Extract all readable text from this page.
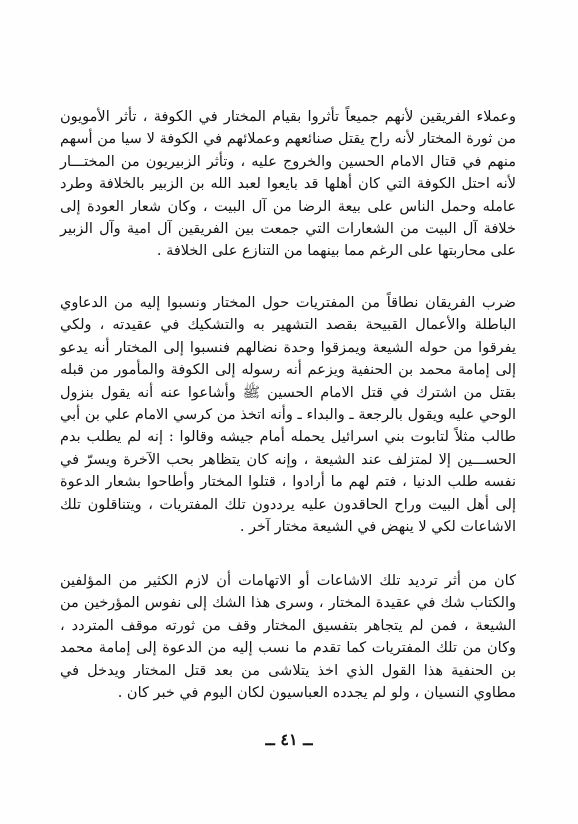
وعملاء الفريقين لأنهم جميعاً تأثروا بقيام المختار في الكوفة ، تأثر الأمويون من ثورة المختار لأنه راح يقتل صنائعهم وعملائهم في الكوفة لا سيا من أسهم منهم في قتال الامام الحسين والخروج عليه ، وتأثر الزبيريون من المختـــار لأنه احتل الكوفة التي كان أهلها قد بايعوا لعبد الله بن الزبير بالخلافة وطرد عامله وحمل الناس على بيعة الرضا من آل البيت ، وكان شعار العودة إلى خلافة آل البيت من الشعارات التي جمعت بين الفريقين آل امية وآل الزبير على محاربتها على الرغم مما بينهما من التنازع على الخلافة .

ضرب الفريقان نطاقاً من المفتريات حول المختار ونسبوا إليه من الدعاوي الباطلة والأعمال القبيحة بقصد التشهير به والتشكيك في عقيدته ، ولكي يفرقوا من حوله الشيعة ويمزقوا وحدة نضالهم فنسبوا إلى المختار أنه يدعو إلى إمامة محمد بن الحنفية ويزعم أنه رسوله إلى الكوفة والمأمور من قبله بقتل من اشترك في قتل الامام الحسين ﷺ وأشاعوا عنه أنه يقول بنزول الوحي عليه ويقول بالرجعة ـ والبداء ـ وأنه اتخذ من كرسي الامام علي بن أبي طالب مثلاً لتابوت بني اسرائيل يحمله أمام جيشه وقالوا : إنه لم يطلب بدم الحســـين إلا لمتزلف عند الشيعة ، وإنه كان يتظاهر بحب الآخرة ويسرّ في نفسه طلب الدنيا ، فتم لهم ما أرادوا ، قتلوا المختار وأطاحوا بشعار الدعوة إلى أهل البيت وراح الحاقدون عليه يرددون تلك المفتريات ، ويتناقلون تلك الاشاعات لكي لا ينهض في الشيعة مختار آخر .

كان من أثر ترديد تلك الاشاعات أو الاتهامات أن لازم الكثير من المؤلفين والكتاب شك في عقيدة المختار ، وسرى هذا الشك إلى نفوس المؤرخين من الشيعة ، فمن لم يتجاهر بتفسيق المختار وقف من ثورته موقف المتردد ، وكان من تلك المفتريات كما تقدم ما نسب إليه من الدعوة إلى إمامة محمد بن الحنفية هذا القول الذي اخذ يتلاشى من بعد قتل المختار ويدخل في مطاوي النسيان ، ولو لم يجدده العباسيون لكان اليوم في خبر كان .

ــ ٤١ ــ
